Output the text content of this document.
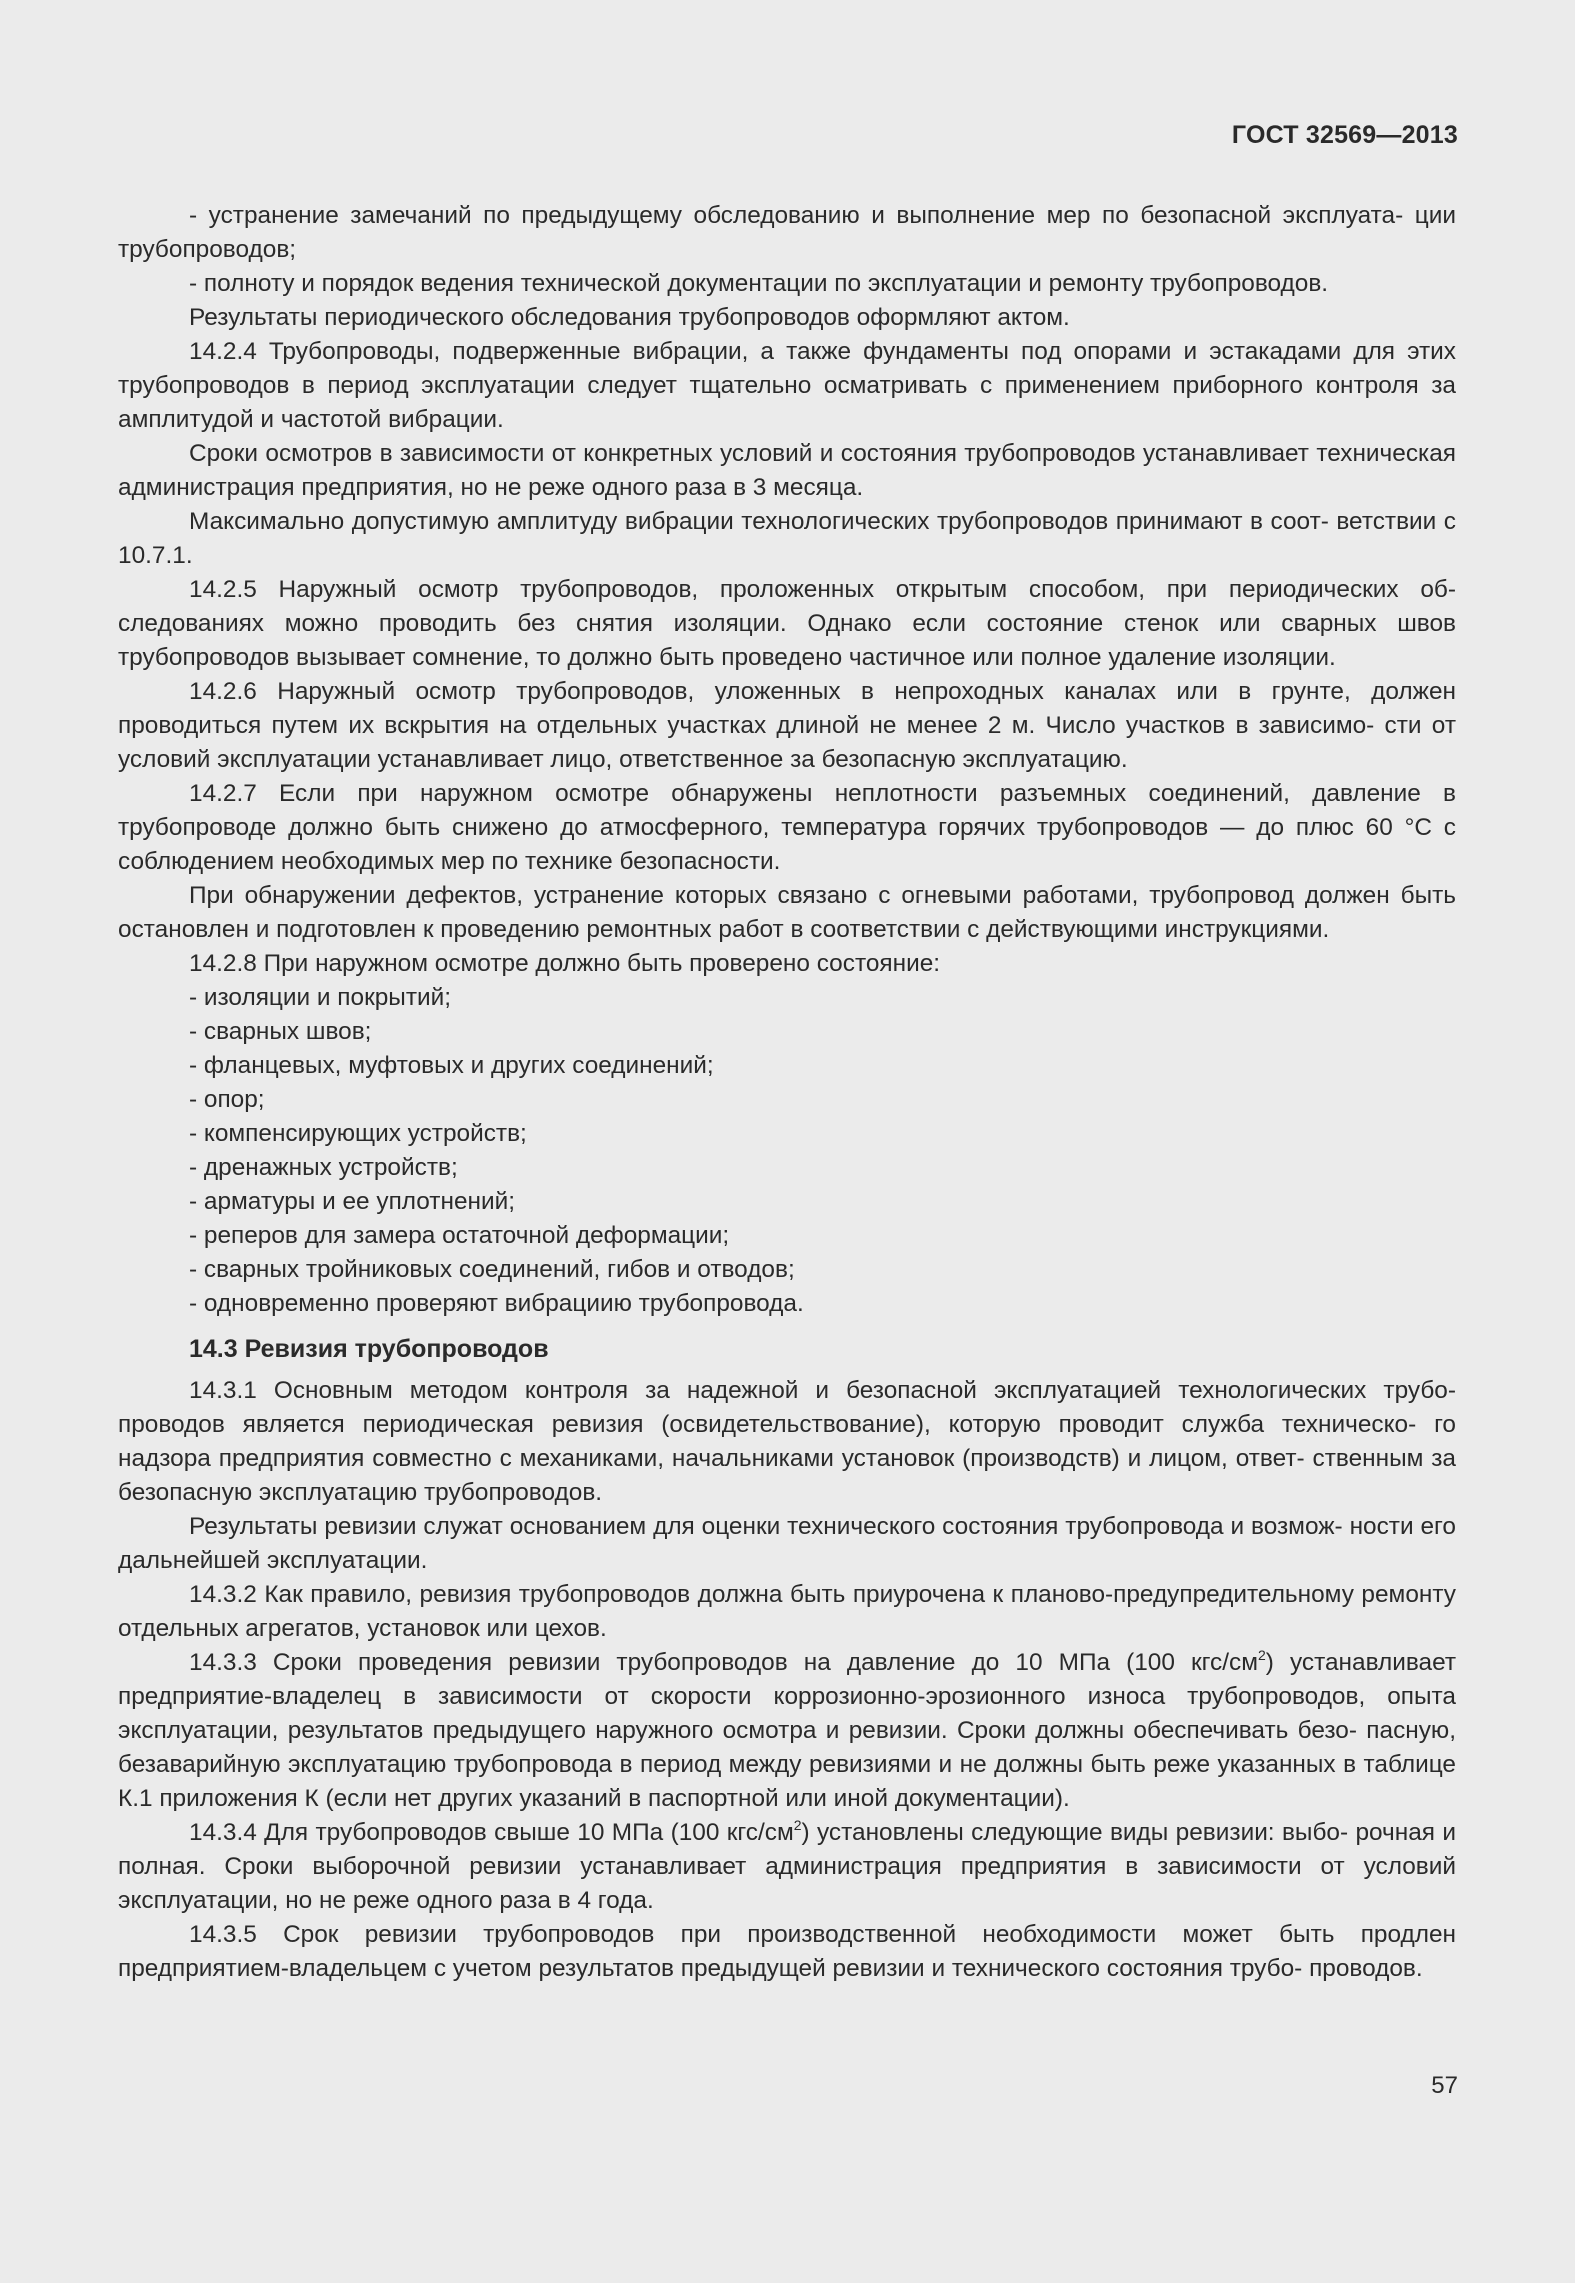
ГОСТ 32569—2013

- устранение замечаний по предыдущему обследованию и выполнение мер по безопасной эксплуата- ции трубопроводов;

- полноту и порядок ведения технической документации по эксплуатации и ремонту трубопроводов.

Результаты периодического обследования трубопроводов оформляют актом.

14.2.4 Трубопроводы, подверженные вибрации, а также фундаменты под опорами и эстакадами для этих трубопроводов в период эксплуатации следует тщательно осматривать с применением приборного контроля за амплитудой и частотой вибрации.

Сроки осмотров в зависимости от конкретных условий и состояния трубопроводов устанавливает техническая администрация предприятия, но не реже одного раза в 3 месяца.

Максимально допустимую амплитуду вибрации технологических трубопроводов принимают в соот- ветствии с 10.7.1.

14.2.5 Наружный осмотр трубопроводов, проложенных открытым способом, при периодических об- следованиях можно проводить без снятия изоляции. Однако если состояние стенок или сварных швов трубопроводов вызывает сомнение, то должно быть проведено частичное или полное удаление изоляции.

14.2.6 Наружный осмотр трубопроводов, уложенных в непроходных каналах или в грунте, должен проводиться путем их вскрытия на отдельных участках длиной не менее 2 м. Число участков в зависимо- сти от условий эксплуатации устанавливает лицо, ответственное за безопасную эксплуатацию.

14.2.7 Если при наружном осмотре обнаружены неплотности разъемных соединений, давление в трубопроводе должно быть снижено до атмосферного, температура горячих трубопроводов — до плюс 60 °С с соблюдением необходимых мер по технике безопасности.

При обнаружении дефектов, устранение которых связано с огневыми работами, трубопровод должен быть остановлен и подготовлен к проведению ремонтных работ в соответствии с действующими инструкциями.

14.2.8 При наружном осмотре должно быть проверено состояние:

- изоляции и покрытий;

- сварных швов;

- фланцевых, муфтовых и других соединений;

- опор;

- компенсирующих устройств;

- дренажных устройств;

- арматуры и ее уплотнений;

- реперов для замера остаточной деформации;

- сварных тройниковых соединений, гибов и отводов;

- одновременно проверяют вибрациию трубопровода.

14.3 Ревизия трубопроводов

14.3.1 Основным методом контроля за надежной и безопасной эксплуатацией технологических трубо- проводов является периодическая ревизия (освидетельствование), которую проводит служба техническо- го надзора предприятия совместно с механиками, начальниками установок (производств) и лицом, ответ- ственным за безопасную эксплуатацию трубопроводов.

Результаты ревизии служат основанием для оценки технического состояния трубопровода и возмож- ности его дальнейшей эксплуатации.

14.3.2 Как правило, ревизия трубопроводов должна быть приурочена к планово-предупредительному ремонту отдельных агрегатов, установок или цехов.

14.3.3 Сроки проведения ревизии трубопроводов на давление до 10 МПа (100 кгс/$см^2$) устанавливает предприятие-владелец в зависимости от скорости коррозионно-эрозионного износа трубопроводов, опыта эксплуатации, результатов предыдущего наружного осмотра и ревизии. Сроки должны обеспечивать безо- пасную, безаварийную эксплуатацию трубопровода в период между ревизиями и не должны быть реже указанных в таблице К.1 приложения К (если нет других указаний в паспортной или иной документации).

14.3.4 Для трубопроводов свыше 10 МПа (100 кгс/$см^2$) установлены следующие виды ревизии: выбо- рочная и полная. Сроки выборочной ревизии устанавливает администрация предприятия в зависимости от условий эксплуатации, но не реже одного раза в 4 года.

14.3.5 Срок ревизии трубопроводов при производственной необходимости может быть продлен предприятием-владельцем с учетом результатов предыдущей ревизии и технического состояния трубо- проводов.

57
